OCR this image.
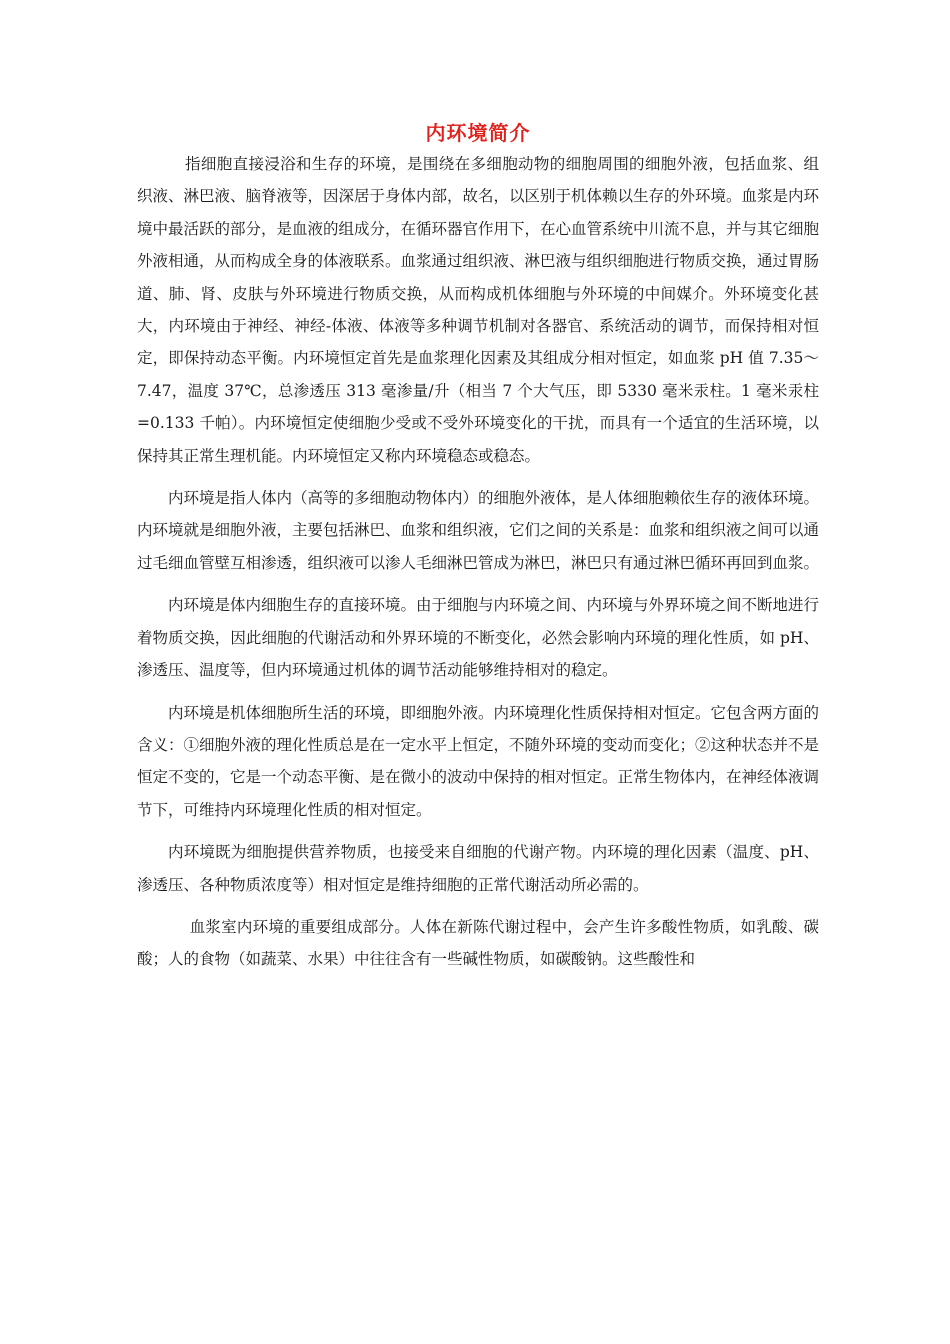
内环境简介

指细胞直接浸浴和生存的环境，是围绕在多细胞动物的细胞周围的细胞外液，包括血浆、组织液、淋巴液、脑脊液等，因深居于身体内部，故名，以区别于机体赖以生存的外环境。血浆是内环境中最活跃的部分，是血液的组成分，在循环器官作用下，在心血管系统中川流不息，并与其它细胞外液相通，从而构成全身的体液联系。血浆通过组织液、淋巴液与组织细胞进行物质交换，通过胃肠道、肺、肾、皮肤与外环境进行物质交换，从而构成机体细胞与外环境的中间媒介。外环境变化甚大，内环境由于神经、神经-体液、体液等多种调节机制对各器官、系统活动的调节，而保持相对恒定，即保持动态平衡。内环境恒定首先是血浆理化因素及其组成分相对恒定，如血浆 pH 值 7.35～7.47，温度 37℃，总渗透压 313 毫渗量/升（相当 7 个大气压，即 5330 毫米汞柱。1 毫米汞柱=0.133 千帕）。内环境恒定使细胞少受或不受外环境变化的干扰，而具有一个适宜的生活环境，以保持其正常生理机能。内环境恒定又称内环境稳态或稳态。

内环境是指人体内（高等的多细胞动物体内）的细胞外液体，是人体细胞赖依生存的液体环境。内环境就是细胞外液，主要包括淋巴、血浆和组织液，它们之间的关系是：血浆和组织液之间可以通过毛细血管壁互相渗透，组织液可以渗人毛细淋巴管成为淋巴，淋巴只有通过淋巴循环再回到血浆。

内环境是体内细胞生存的直接环境。由于细胞与内环境之间、内环境与外界环境之间不断地进行着物质交换，因此细胞的代谢活动和外界环境的不断变化，必然会影响内环境的理化性质，如 pH、渗透压、温度等，但内环境通过机体的调节活动能够维持相对的稳定。

内环境是机体细胞所生活的环境，即细胞外液。内环境理化性质保持相对恒定。它包含两方面的含义：①细胞外液的理化性质总是在一定水平上恒定，不随外环境的变动而变化；②这种状态并不是恒定不变的，它是一个动态平衡、是在微小的波动中保持的相对恒定。正常生物体内，在神经体液调节下，可维持内环境理化性质的相对恒定。

内环境既为细胞提供营养物质，也接受来自细胞的代谢产物。内环境的理化因素（温度、pH、渗透压、各种物质浓度等）相对恒定是维持细胞的正常代谢活动所必需的。

血浆室内环境的重要组成部分。人体在新陈代谢过程中，会产生许多酸性物质，如乳酸、碳酸；人的食物（如蔬菜、水果）中往往含有一些碱性物质，如碳酸钠。这些酸性和
